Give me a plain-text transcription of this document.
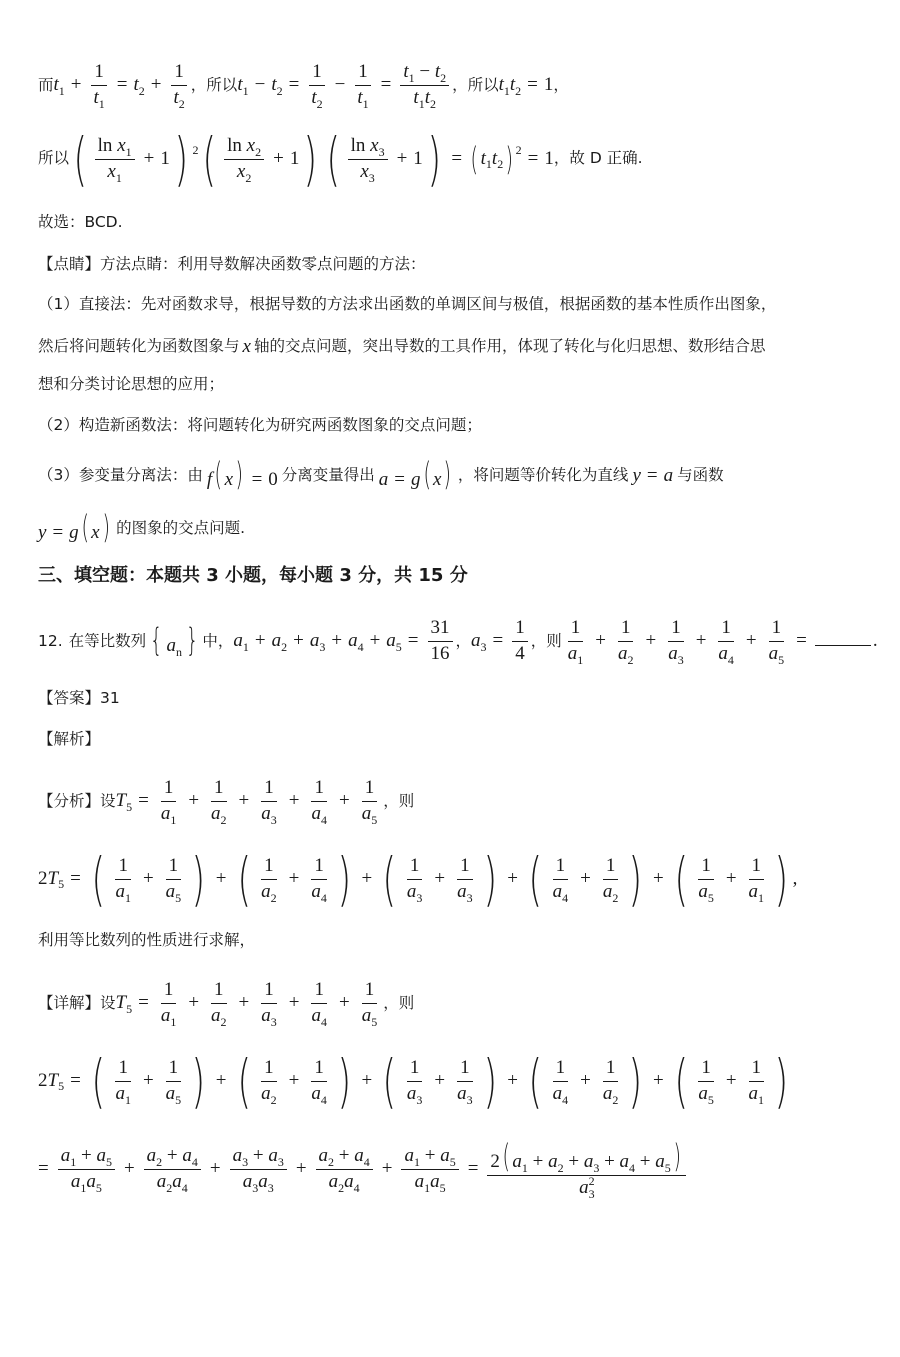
而 $t_1 + \frac{1}{t_1} = t_2 + \frac{1}{t_2}$ ，所以 $t_1 - t_2 = \frac{1}{t_2} - \frac{1}{t_1} = \frac{t_1 - t_2}{t_1t_2}$ ，所以 $t_1t_2 = 1$ ，
所以 ( $\frac{\ln x_1}{x_1} + 1$ ) 2 ( $\frac{\ln x_2}{x_2} + 1$ ) ( $\frac{\ln x_3}{x_3} + 1$ ) = ( t 1 t 2 ) 2 = 1 ，故 D 正确.
故选：BCD.
【点睛】 方法点睛：利用导数解决函数零点问题的方法：
（1）直接法：先对函数求导，根据导数的方法求出函数的单调区间与极值，根据函数的基本性质作出图象，
然后将问题转化为函数图象与 x 轴的交点问题，突出导数的工具作用，体现了转化与化归思想、数形结合思
想和分类讨论思想的应用；
（2）构造新函数法：将问题转化为研究两函数图象的交点问题；
（3）参变量分离法：由 f( x) = 0 分离变量得出 a = g( x) ，将问题等价转化为直线 y = a 与函数
y = g( x) 的图象的交点问题.
三、填空题：本题共 3 小题，每小题 3 分，共 15 分
12. 在等比数列 { $a_n$ } 中， $a_1 + a_2 + a_3 + a_4 + a_5 = \frac{31}{16}$ ， $a_3 = \frac{1}{4}$ ，则 $\frac{1}{a_1} + \frac{1}{a_2} + \frac{1}{a_3} + \frac{1}{a_4} + \frac{1}{a_5}$ =	.
【答案】 31
【解析】
【分析】 设 $T_5 = \frac{1}{a_1} + \frac{1}{a_2} + \frac{1}{a_3} + \frac{1}{a_4} + \frac{1}{a_5}$ ，则
2 T 5 = ( $\frac{1}{a_1} + \frac{1}{a_5}$ ) + ( $\frac{1}{a_2} + \frac{1}{a_4}$ ) + ( $\frac{1}{a_3} + \frac{1}{a_3}$ ) + ( $\frac{1}{a_4} + \frac{1}{a_2}$ ) + ( $\frac{1}{a_5} + \frac{1}{a_1}$ ) ,
利用等比数列的性质进行求解，
【详解】 设 $T_5 = \frac{1}{a_1} + \frac{1}{a_2} + \frac{1}{a_3} + \frac{1}{a_4} + \frac{1}{a_5}$ ，则
2 T 5 = ( $\frac{1}{a_1} + \frac{1}{a_5}$ ) + ( $\frac{1}{a_2} + \frac{1}{a_4}$ ) + ( $\frac{1}{a_3} + \frac{1}{a_3}$ ) + ( $\frac{1}{a_4} + \frac{1}{a_2}$ ) + ( $\frac{1}{a_5} + \frac{1}{a_1}$ )
= $\frac{a_1 + a_5}{a_1a_5} + \frac{a_2 + a_4}{a_2a_4} + \frac{a_3 + a_3}{a_3a_3} + \frac{a_2 + a_4}{a_2a_4} + \frac{a_1 + a_5}{a_1a_5} = \frac{2( a_1 + a_2 + a_3 + a_4 + a_5)}{a_3^2}$
